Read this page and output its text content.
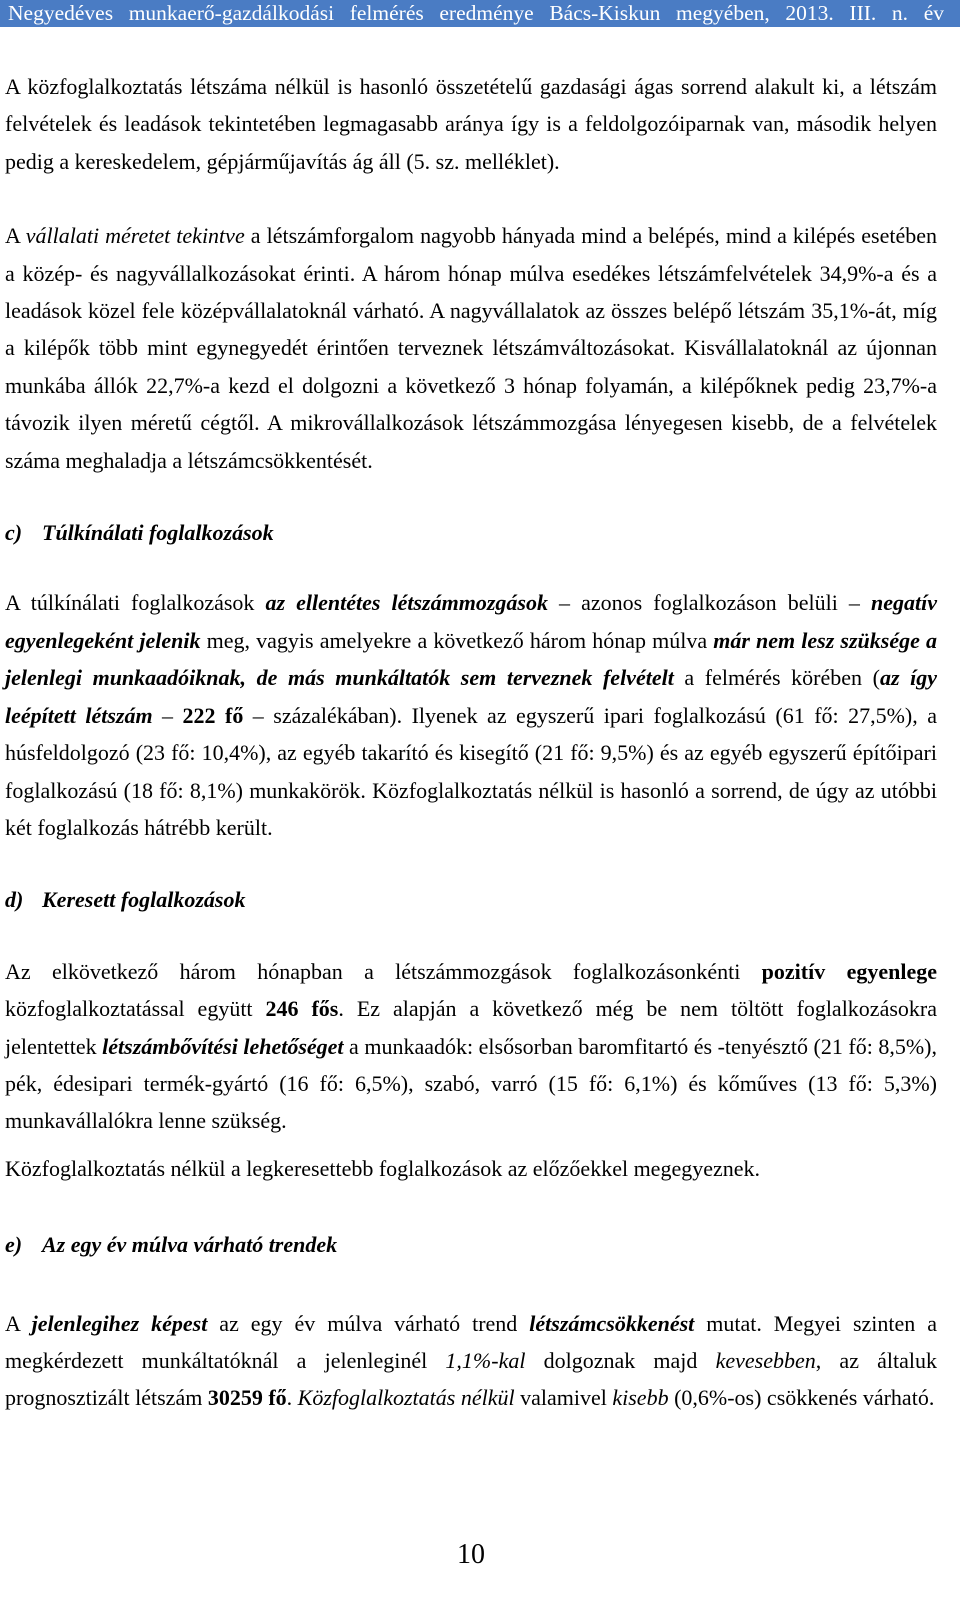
Negyedéves munkaerő-gazdálkodási felmérés eredménye Bács-Kiskun megyében, 2013. III. n. év

A közfoglalkoztatás létszáma nélkül is hasonló összetételű gazdasági ágas sorrend alakult ki, a létszám felvételek és leadások tekintetében legmagasabb aránya így is a feldolgozóiparnak van, második helyen pedig a kereskedelem, gépjárműjavítás ág áll (5. sz. melléklet).

A vállalati méretet tekintve a létszámforgalom nagyobb hányada mind a belépés, mind a kilépés esetében a közép- és nagyvállalkozásokat érinti. A három hónap múlva esedékes létszámfelvételek 34,9%-a és a leadások közel fele középvállalatoknál várható. A nagyvállalatok az összes belépő létszám 35,1%-át, míg a kilépők több mint egynegyedét érintően terveznek létszámváltozásokat. Kisvállalatoknál az újonnan munkába állók 22,7%-a kezd el dolgozni a következő 3 hónap folyamán, a kilépőknek pedig 23,7%-a távozik ilyen méretű cégtől. A mikrovállalkozások létszámmozgása lényegesen kisebb, de a felvételek száma meghaladja a létszámcsökkentését.

c) Túlkínálati foglalkozások

A túlkínálati foglalkozások az ellentétes létszámmozgások – azonos foglalkozáson belüli – negatív egyenlegeként jelenik meg, vagyis amelyekre a következő három hónap múlva már nem lesz szüksége a jelenlegi munkaadóiknak, de más munkáltatók sem terveznek felvételt a felmérés körében (az így leépített létszám – 222 fő – százalékában). Ilyenek az egyszerű ipari foglalkozású (61 fő: 27,5%), a húsfeldolgozó (23 fő: 10,4%), az egyéb takarító és kisegítő (21 fő: 9,5%) és az egyéb egyszerű építőipari foglalkozású (18 fő: 8,1%) munkakörök. Közfoglalkoztatás nélkül is hasonló a sorrend, de úgy az utóbbi két foglalkozás hátrébb került.

d) Keresett foglalkozások

Az elkövetkező három hónapban a létszámmozgások foglalkozásonkénti pozitív egyenlege közfoglalkoztatással együtt 246 fős. Ez alapján a következő még be nem töltött foglalkozásokra jelentettek létszámbővítési lehetőséget a munkaadók: elsősorban baromfitartó és -tenyésztő (21 fő: 8,5%), pék, édesipari termék-gyártó (16 fő: 6,5%), szabó, varró (15 fő: 6,1%) és kőműves (13 fő: 5,3%) munkavállalókra lenne szükség.

Közfoglalkoztatás nélkül a legkeresettebb foglalkozások az előzőekkel megegyeznek.

e) Az egy év múlva várható trendek

A jelenlegihez képest az egy év múlva várható trend létszámcsökkenést mutat. Megyei szinten a megkérdezett munkáltatóknál a jelenleginél 1,1%-kal dolgoznak majd kevesebben, az általuk prognosztizált létszám 30259 fő. Közfoglalkoztatás nélkül valamivel kisebb (0,6%-os) csökkenés várható.

10
